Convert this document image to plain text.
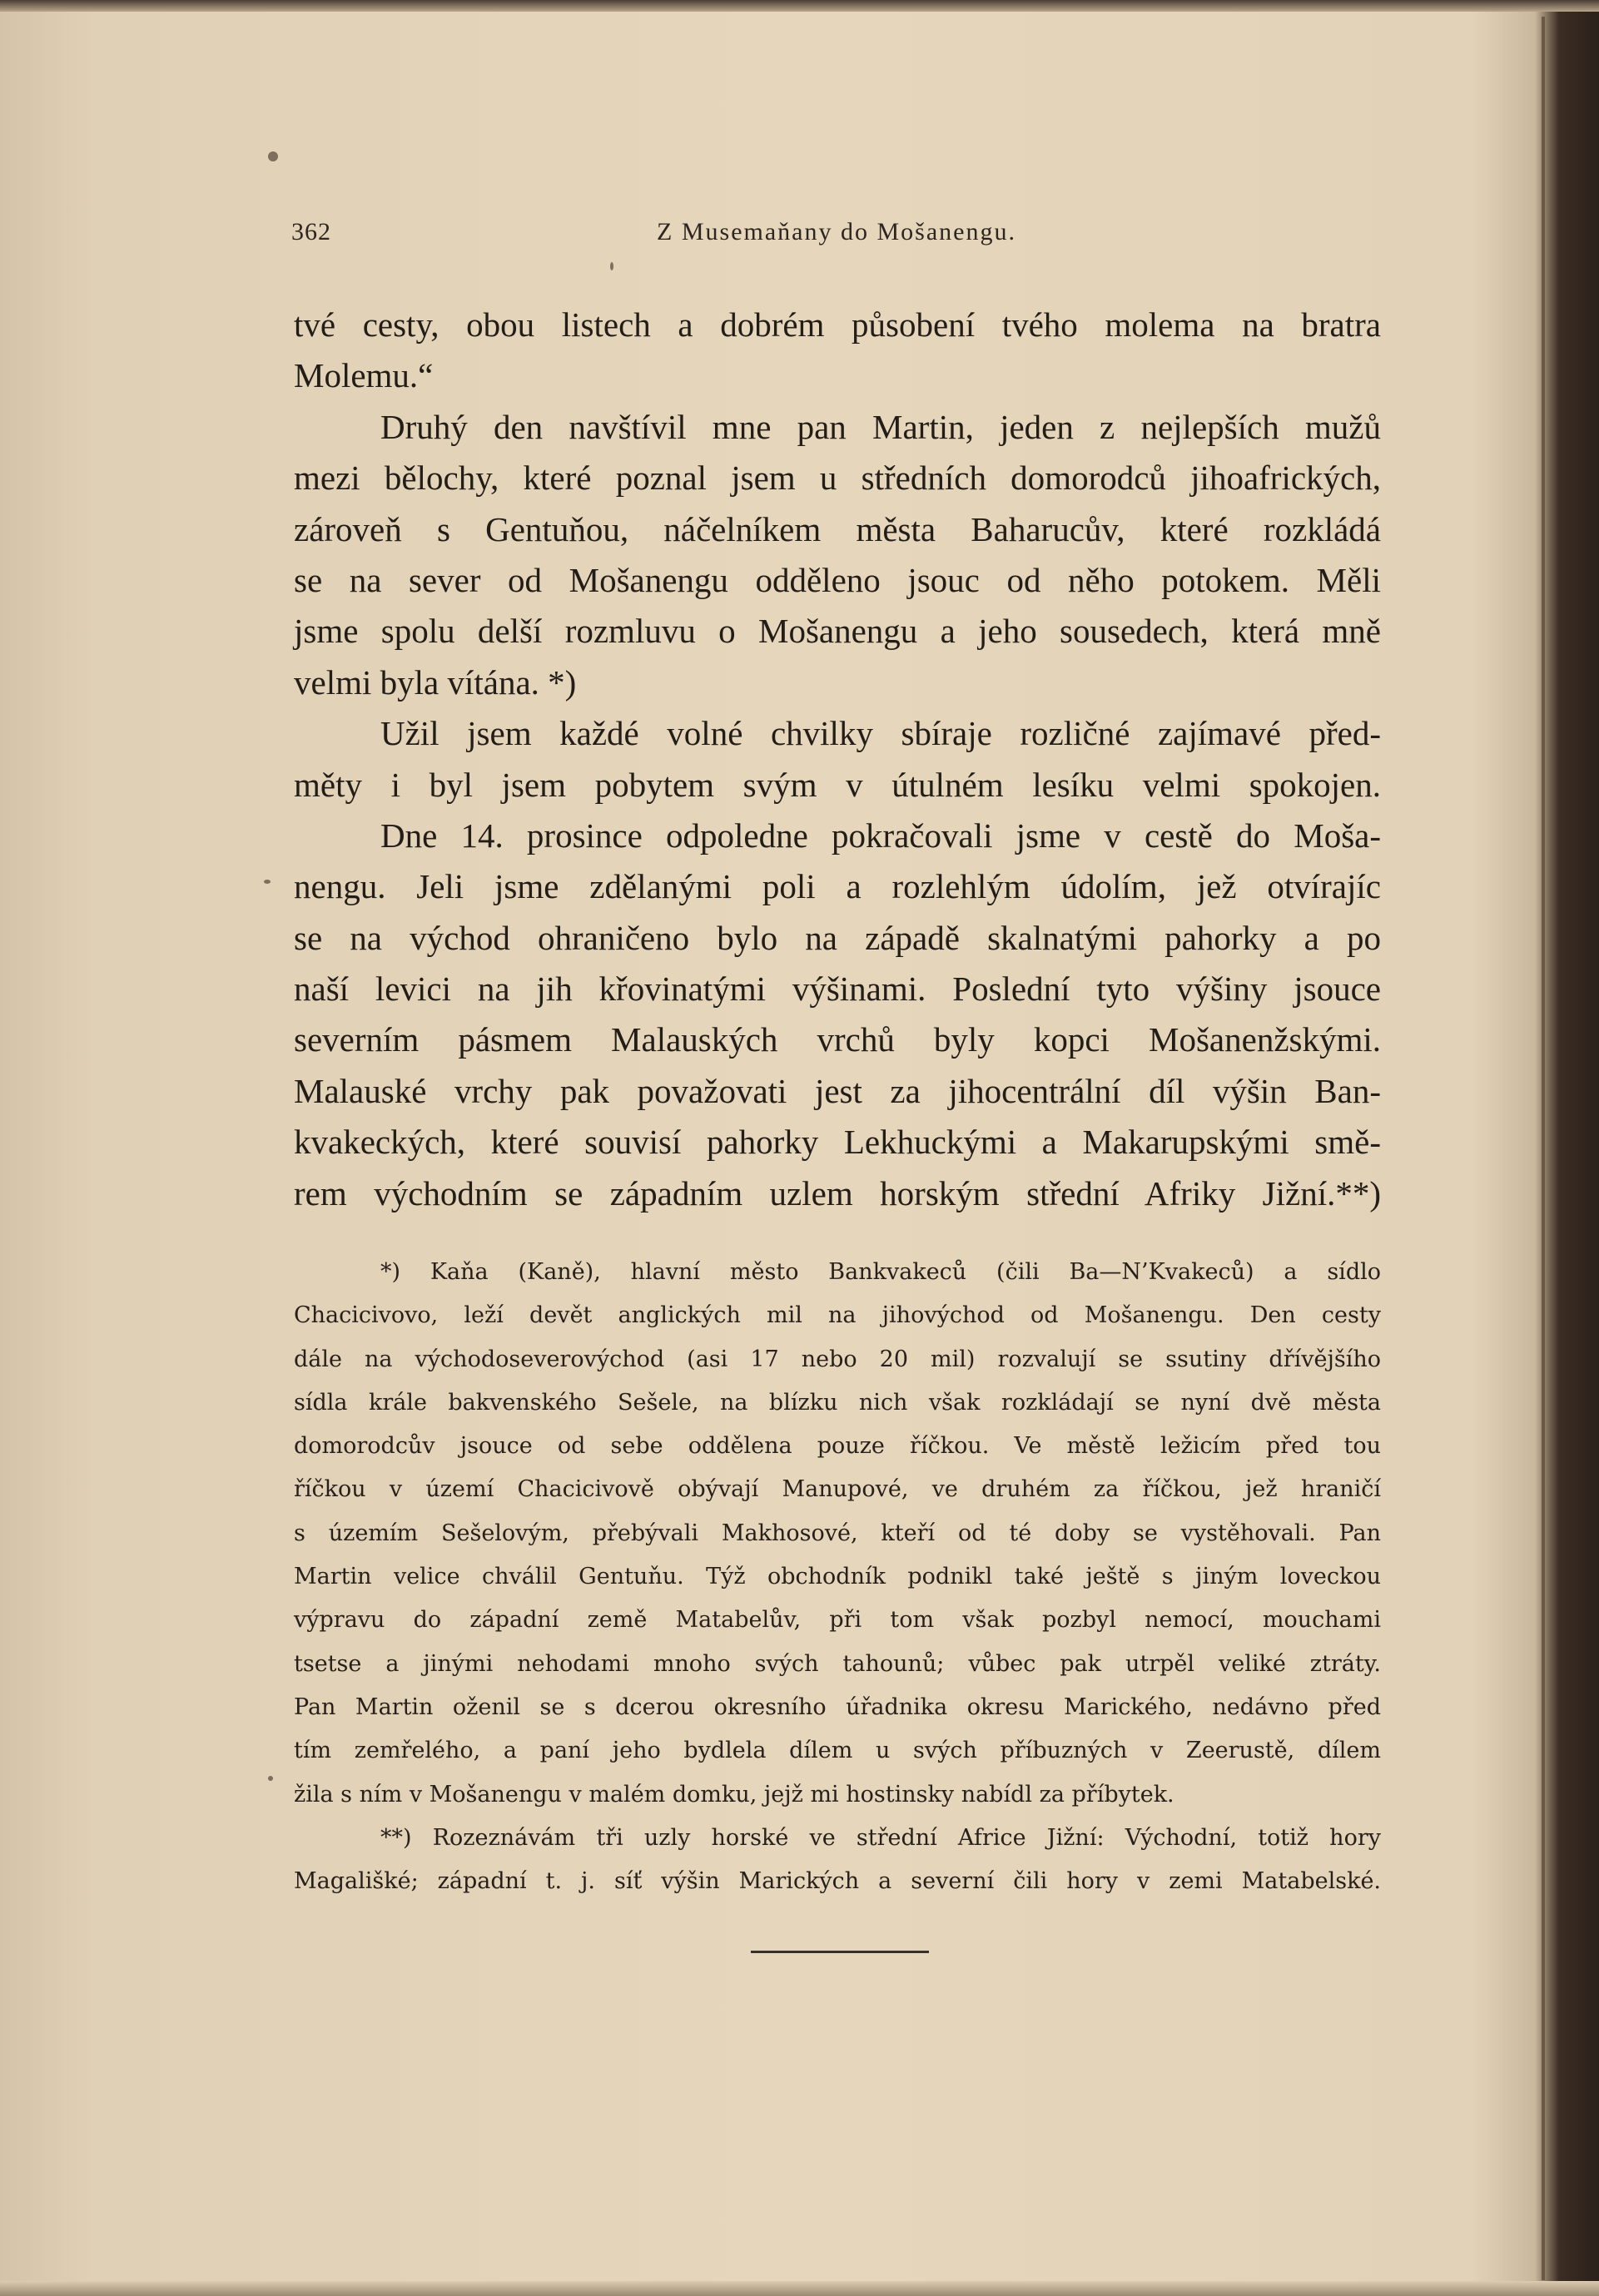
362	Z Musemaňany do Mošanengu.
tvé cesty, obou listech a dobrém působení tvého molema na bratra
Molemu.“
Druhý den navštívil mne pan Martin, jeden z nejlepších mužů
mezi bělochy, které poznal jsem u středních domorodců jihoafrických,
zároveň s Gentuňou, náčelníkem města Baharucův, které rozkládá
se na sever od Mošanengu odděleno jsouc od něho potokem. Měli
jsme spolu delší rozmluvu o Mošanengu a jeho sousedech, která mně
velmi byla vítána. *)
Užil jsem každé volné chvilky sbíraje rozličné zajímavé před-
měty i byl jsem pobytem svým v útulném lesíku velmi spokojen.
Dne 14. prosince odpoledne pokračovali jsme v cestě do Moša-
nengu. Jeli jsme zdělanými poli a rozlehlým údolím, jež otvírajíc
se na východ ohraničeno bylo na západě skalnatými pahorky a po
naší levici na jih křovinatými výšinami. Poslední tyto výšiny jsouce
severním pásmem Malauských vrchů byly kopci Mošanenžskými.
Malauské vrchy pak považovati jest za jihocentrální díl výšin Ban-
kvakeckých, které souvisí pahorky Lekhuckými a Makarupskými smě-
rem východním se západním uzlem horským střední Afriky Jižní.**)
*) Kaňa (Kaně), hlavní město Bankvakeců (čili Ba—N’Kvakeců) a sídlo
Chacicivovo, leží devět anglických mil na jihovýchod od Mošanengu. Den cesty
dále na východoseverovýchod (asi 17 nebo 20 mil) rozvalují se ssutiny dřívějšího
sídla krále bakvenského Sešele, na blízku nich však rozkládají se nyní dvě města
domorodcův jsouce od sebe oddělena pouze říčkou. Ve městě ležicím před tou
říčkou v území Chacicivově obývají Manupové, ve druhém za říčkou, jež hraničí
s územím Sešelovým, přebývali Makhosové, kteří od té doby se vystěhovali. Pan
Martin velice chválil Gentuňu. Týž obchodník podnikl také ještě s jiným loveckou
výpravu do západní země Matabelův, při tom však pozbyl nemocí, mouchami
tsetse a jinými nehodami mnoho svých tahounů; vůbec pak utrpěl veliké ztráty.
Pan Martin oženil se s dcerou okresního úřadnika okresu Marického, nedávno před
tím zemřelého, a paní jeho bydlela dílem u svých příbuzných v Zeerustě, dílem
žila s ním v Mošanengu v malém domku, jejž mi hostinsky nabídl za příbytek.
**) Rozeznávám tři uzly horské ve střední Africe Jižní: Východní, totiž hory
Magališké; západní t. j. síť výšin Marických a severní čili hory v zemi Matabelské.
